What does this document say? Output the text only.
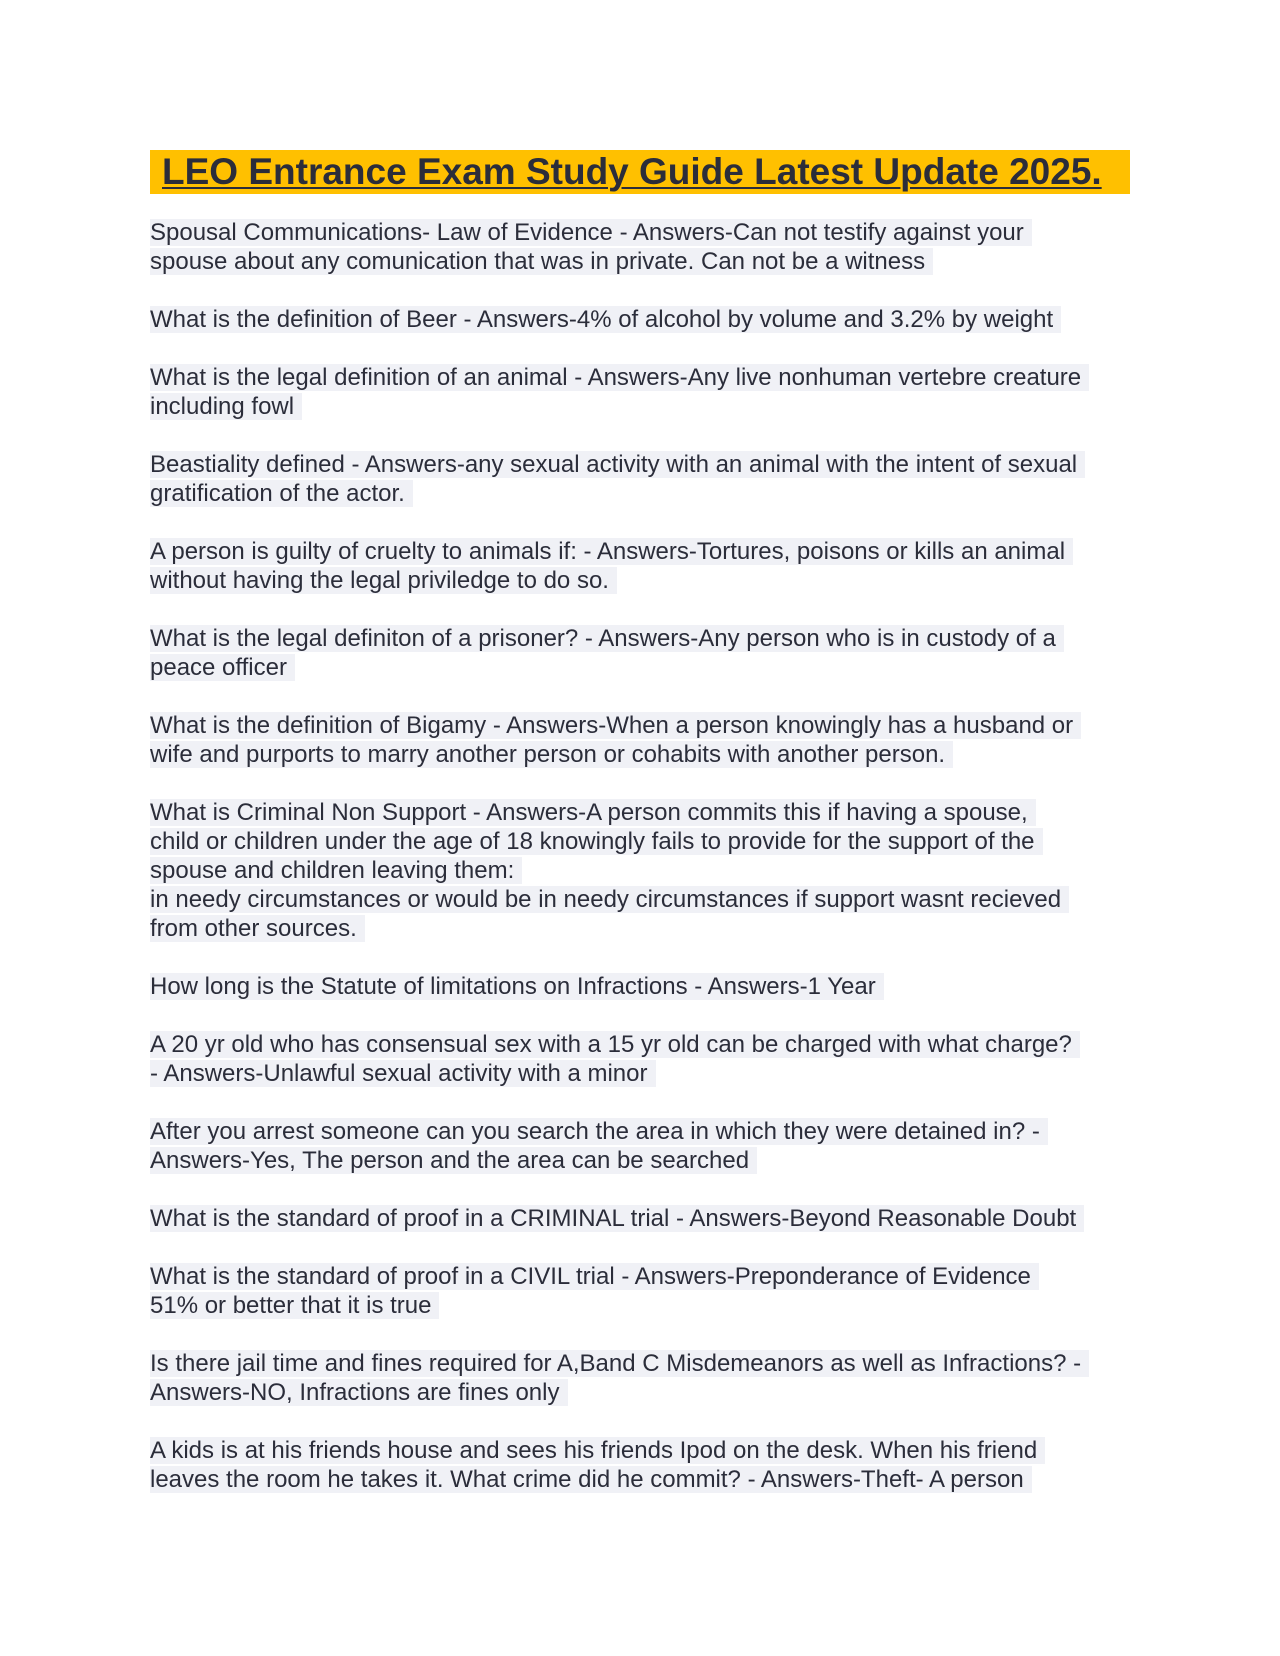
LEO Entrance Exam Study Guide Latest Update 2025.
Spousal Communications- Law of Evidence - Answers-Can not testify against your
spouse about any comunication that was in private. Can not be a witness
What is the definition of Beer - Answers-4% of alcohol by volume and 3.2% by weight
What is the legal definition of an animal - Answers-Any live nonhuman vertebre creature
including fowl
Beastiality defined - Answers-any sexual activity with an animal with the intent of sexual
gratification of the actor.
A person is guilty of cruelty to animals if: - Answers-Tortures, poisons or kills an animal
without having the legal priviledge to do so.
What is the legal definiton of a prisoner? - Answers-Any person who is in custody of a
peace officer
What is the definition of Bigamy - Answers-When a person knowingly has a husband or
wife and purports to marry another person or cohabits with another person.
What is Criminal Non Support - Answers-A person commits this if having a spouse,
child or children under the age of 18 knowingly fails to provide for the support of the
spouse and children leaving them:
in needy circumstances or would be in needy circumstances if support wasnt recieved
from other sources.
How long is the Statute of limitations on Infractions - Answers-1 Year
A 20 yr old who has consensual sex with a 15 yr old can be charged with what charge?
- Answers-Unlawful sexual activity with a minor
After you arrest someone can you search the area in which they were detained in? -
Answers-Yes, The person and the area can be searched
What is the standard of proof in a CRIMINAL trial - Answers-Beyond Reasonable Doubt
What is the standard of proof in a CIVIL trial - Answers-Preponderance of Evidence
51% or better that it is true
Is there jail time and fines required for A,Band C Misdemeanors as well as Infractions? -
Answers-NO, Infractions are fines only
A kids is at his friends house and sees his friends Ipod on the desk. When his friend
leaves the room he takes it. What crime did he commit? - Answers-Theft- A person
